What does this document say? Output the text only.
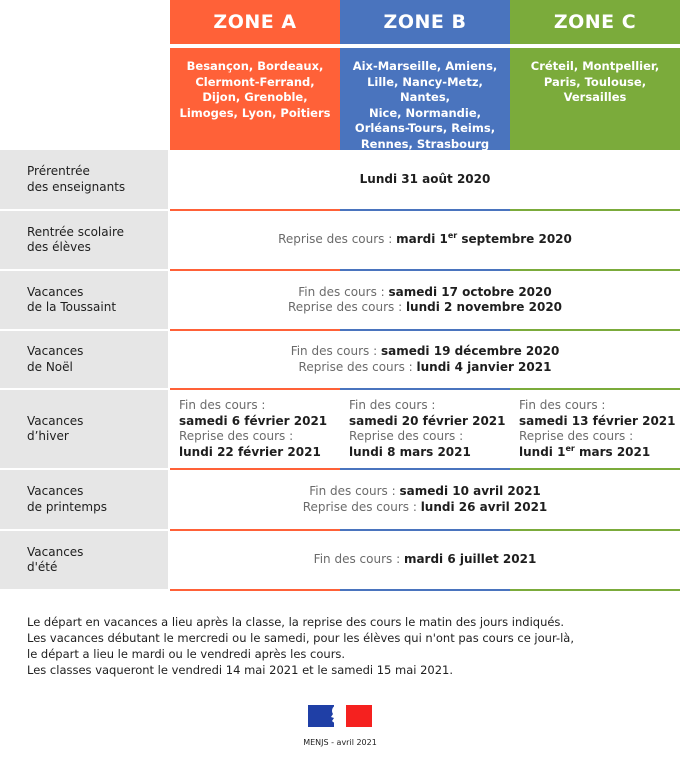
ZONE A
Besançon, Bordeaux,
Clermont-Ferrand,
Dijon, Grenoble,
Limoges, Lyon, Poitiers
ZONE B
Aix-Marseille, Amiens,
Lille, Nancy-Metz, Nantes,
Nice, Normandie,
Orléans-Tours, Reims,
Rennes, Strasbourg
ZONE C
Créteil, Montpellier,
Paris, Toulouse,
Versailles
Prérentrée
des enseignants
Lundi 31 août 2020
Rentrée scolaire
des élèves
Reprise des cours : mardi 1er septembre 2020
Vacances
de la Toussaint
Fin des cours : samedi 17 octobre 2020
Reprise des cours : lundi 2 novembre 2020
Vacances
de Noël
Fin des cours : samedi 19 décembre 2020
Reprise des cours : lundi 4 janvier 2021
Vacances
d’hiver
Fin des cours :
samedi 6 février 2021
Reprise des cours :
lundi 22 février 2021
Fin des cours :
samedi 20 février 2021
Reprise des cours :
lundi 8 mars 2021
Fin des cours :
samedi 13 février 2021
Reprise des cours :
lundi 1er mars 2021
Vacances
de printemps
Fin des cours : samedi 10 avril 2021
Reprise des cours : lundi 26 avril 2021
Vacances
d'été
Fin des cours : mardi 6 juillet 2021
Le départ en vacances a lieu après la classe, la reprise des cours le matin des jours indiqués.
Les vacances débutant le mercredi ou le samedi, pour les élèves qui n'ont pas cours ce jour-là,
le départ a lieu le mardi ou le vendredi après les cours.
Les classes vaqueront le vendredi 14 mai 2021 et le samedi 15 mai 2021.
MENJS - avril 2021
